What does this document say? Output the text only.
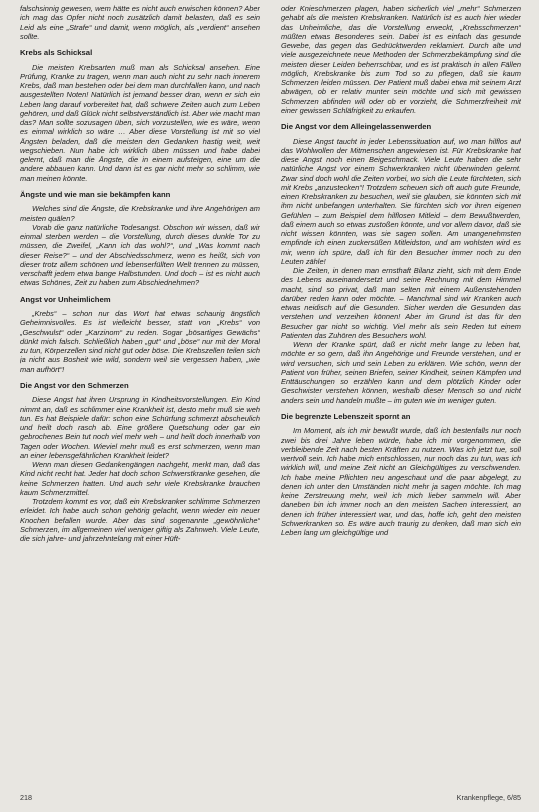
falschsinnig gewesen, wem hätte es nicht auch erwischen können? Aber ich mag das Opfer nicht noch zusätzlich damit belasten, daß es sein Leid als eine „Strafe“ und damit, wenn möglich, als „verdient“ ansehen sollte.

Krebs als Schicksal

Die meisten Krebsarten muß man als Schicksal ansehen. Eine Prüfung, Kranke zu tragen, wenn man auch nicht zu sehr nach innerem Krebs, daß man bestehen oder bei dem man durchfallen kann, und nach ausgestellten Noten! Natürlich ist jemand besser dran, wenn er sich ein Leben lang darauf vorbereitet hat, daß schwere Zeiten auch zum Leben gehören, und daß Glück nicht selbstverständlich ist. Aber wie macht man das? Man sollte sozusagen üben, sich vorzustellen, wie es wäre, wenn es einmal wirklich so wäre … Aber diese Vorstellung ist mit so viel Ängsten beladen, daß die meisten den Gedanken hastig weit, weit wegschieben. Nun habe ich wirklich üben müssen und habe dabei gelernt, daß man die Ängste, die in einem aufsteigen, eine um die andere abbauen kann. Und dann ist es gar nicht mehr so schlimm, wie man meinen könnte.

Ängste und wie man sie bekämpfen kann

Welches sind die Ängste, die Krebskranke und ihre Angehörigen am meisten quälen?

Vorab die ganz natürliche Todesangst. Obschon wir wissen, daß wir einmal sterben werden – die Vorstellung, durch dieses dunkle Tor zu müssen, die Zweifel, „Kann ich das wohl?“, und „Was kommt nach dieser Reise?“ – und der Abschiedsschmerz, wenn es heißt, sich von dieser trotz allem schönen und lebenserfüllten Welt trennen zu müssen, verschafft jedem etwa bange Halbstunden. Und doch – ist es nicht auch etwas Schönes, Zeit zu haben zum Abschiednehmen?

Angst vor Unheimlichem

„Krebs“ – schon nur das Wort hat etwas schaurig ängstlich Geheimnisvolles. Es ist vielleicht besser, statt von „Krebs“ von „Geschwulst“ oder „Karzinom“ zu reden. Sogar „bösartiges Gewächs“ dünkt mich falsch. Schließlich haben „gut“ und „böse“ nur mit der Moral zu tun, Körperzellen sind nicht gut oder böse. Die Krebszellen teilen sich ja nicht aus Bosheit wie wild, sondern weil sie vergessen haben, „wie man aufhört“!

Die Angst vor den Schmerzen

Diese Angst hat ihren Ursprung in Kindheitsvorstellungen. Ein Kind nimmt an, daß es schlimmer eine Krankheit ist, desto mehr muß sie weh tun. Es hat Beispiele dafür: schon eine Schürfung schmerzt abscheulich und heilt doch rasch ab. Eine größere Quetschung oder gar ein gebrochenes Bein tut noch viel mehr weh – und heilt doch innerhalb von Tagen oder Wochen. Wieviel mehr muß es erst schmerzen, wenn man an einer lebensgefährlichen Krankheit leidet?

Wenn man diesen Gedankengängen nachgeht, merkt man, daß das Kind nicht recht hat. Jeder hat doch schon Schwerstkranke gesehen, die keine Schmerzen hatten. Und auch sehr viele Krebskranke brauchen kaum Schmerzmittel.

Trotzdem kommt es vor, daß ein Krebskranker schlimme Schmerzen erleidet. Ich habe auch schon gehörig gelacht, wenn wieder ein neuer Knochen befallen wurde. Aber das sind sogenannte „gewöhnliche“ Schmerzen, im allgemeinen viel weniger giftig als Zahnweh. Viele Leute, die sich jahre- und jahrzehntelang mit einer Hüft-

oder Knieschmerzen plagen, haben sicherlich viel „mehr“ Schmerzen gehabt als die meisten Krebskranken. Natürlich ist es auch hier wieder das Unheimliche, das die Vorstellung erweckt, „Krebsschmerzen“ müßten etwas Besonderes sein. Dabei ist es einfach das gesunde Gewebe, das gegen das Gedrücktwerden reklamiert. Durch alte und viele ausgezeichnete neue Methoden der Schmerzbekämpfung sind die meisten dieser Leiden beherrschbar, und es ist praktisch in allen Fällen möglich, Krebskranke bis zum Tod so zu pflegen, daß sie kaum Schmerzen leiden müssen. Der Patient muß dabei etwa mit seinem Arzt abwägen, ob er relativ munter sein möchte und sich mit gewissen Schmerzen abfinden will oder ob er vorzieht, die Schmerzfreiheit mit einer gewissen Schläfrigkeit zu erkaufen.

Die Angst vor dem Alleingelassenwerden

Diese Angst taucht in jeder Lebenssituation auf, wo man hilflos auf das Wohlwollen der Mitmenschen angewiesen ist. Für Krebskranke hat diese Angst noch einen Beigeschmack. Viele Leute haben die sehr natürliche Angst vor einem Schwerkranken nicht überwinden gelernt. Zwar sind doch wohl die Zeiten vorbei, wo sich die Leute fürchteten, sich mit Krebs „anzustecken“! Trotzdem scheuen sich oft auch gute Freunde, einen Krebskranken zu besuchen, weil sie glauben, sie könnten sich mit ihm nicht unbefangen unterhalten. Sie fürchten sich vor ihren eigenen Gefühlen – zum Beispiel dem hilflosen Mitleid – dem Bewußtwerden, daß einem auch so etwas zustoßen könnte, und vor allem davor, daß sie nicht wissen könnten, was sie sagen sollen. Am unangenehmsten empfinde ich einen zuckersüßen Mitleidston, und am wohlsten wird es mir, wenn ich spüre, daß ich für den Besucher immer noch zu den Leuten zähle!

Die Zeiten, in denen man ernsthaft Bilanz zieht, sich mit dem Ende des Lebens auseinandersetzt und seine Rechnung mit dem Himmel macht, sind so privat, daß man selten mit einem Außenstehenden darüber reden kann oder möchte. – Manchmal sind wir Kranken auch etwas neidisch auf die Gesunden. Sicher werden die Gesunden das verstehen und verzeihen können! Aber im Grund ist das für den Besucher gar nicht so wichtig. Viel mehr als sein Reden tut einem Patienten das Zuhören des Besuchers wohl.

Wenn der Kranke spürt, daß er nicht mehr lange zu leben hat, möchte er so gern, daß ihn Angehörige und Freunde verstehen, und er wird versuchen, sich und sein Leben zu erklären. Wie schön, wenn der Patient von früher, seinen Briefen, seiner Kindheit, seinen Kämpfen und Enttäuschungen so erzählen kann und dem plötzlich Kinder oder Geschwister verstehen können, weshalb dieser Mensch so und nicht anders sein und handeln mußte – im guten wie im weniger guten.

Die begrenzte Lebenszeit spornt an

Im Moment, als ich mir bewußt wurde, daß ich bestenfalls nur noch zwei bis drei Jahre leben würde, habe ich mir vorgenommen, die verbleibende Zeit nach besten Kräften zu nutzen. Was ich jetzt tue, soll wertvoll sein. Ich habe mich entschlossen, nur noch das zu tun, was ich wirklich will, und meine Zeit nicht an Gleichgültiges zu verschwenden. Ich habe meine Pflichten neu angeschaut und die paar abgelegt, zu denen ich unter den Umständen nicht mehr ja sagen möchte. Ich mag keine Zerstreuung mehr, weil ich mich lieber sammeln will. Aber daneben bin ich immer noch an den meisten Sachen interessiert, an denen ich früher interessiert war, und das, hoffe ich, geht den meisten Schwerkranken so. Es wäre auch traurig zu denken, daß man sich ein Leben lang um gleichgültige und

218	Krankenpflege, 6/85
